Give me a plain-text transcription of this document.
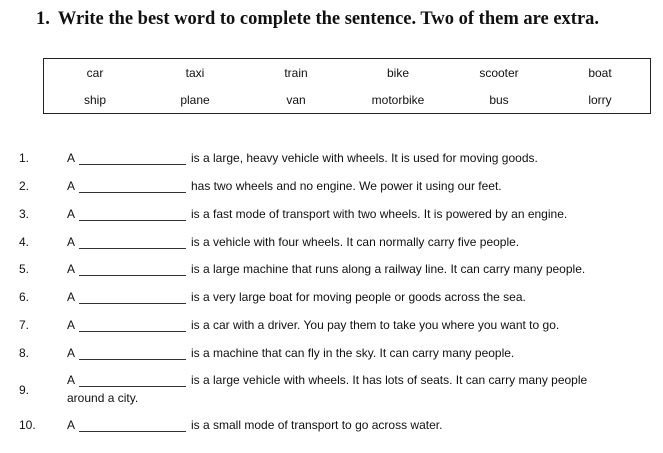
1. Write the best word to complete the sentence. Two of them are extra.
car	taxi	train	bike	scooter	boat
ship	plane	van	motorbike	bus	lorry
1.	A	is a large, heavy vehicle with wheels. It is used for moving goods.
2.	A	has two wheels and no engine. We power it using our feet.
3.	A	is a fast mode of transport with two wheels. It is powered by an engine.
4.	A	is a vehicle with four wheels. It can normally carry five people.
5.	A	is a large machine that runs along a railway line. It can carry many people.
6.	A	is a very large boat for moving people or goods across the sea.
7.	A	is a car with a driver. You pay them to take you where you want to go.
8.	A	is a machine that can fly in the sky. It can carry many people.
9.
A	is a large vehicle with wheels. It has lots of seats. It can carry many people
around a city.
10.	A	is a small mode of transport to go across water.
